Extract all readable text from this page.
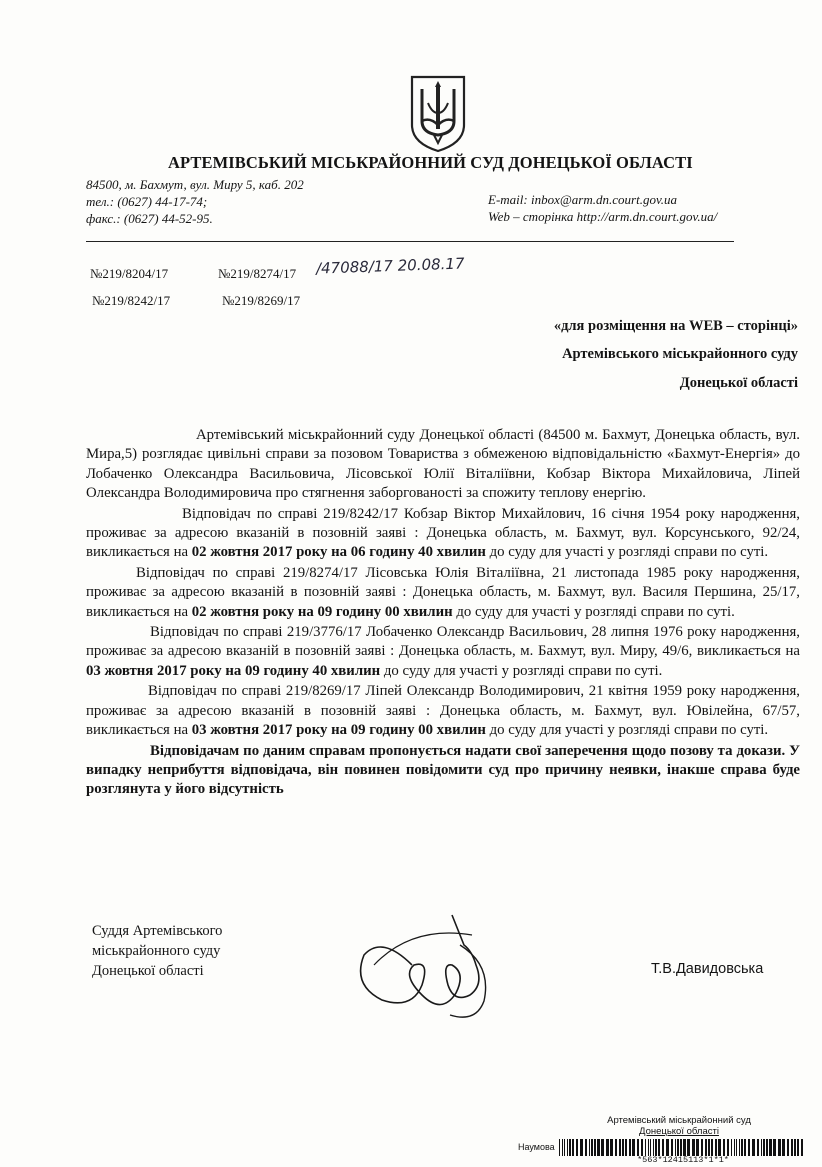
АРТЕМІВСЬКИЙ МІСЬКРАЙОННИЙ СУД ДОНЕЦЬКОЇ ОБЛАСТІ
84500, м. Бахмут, вул. Миру 5, каб. 202
тел.: (0627) 44-17-74;
факс.: (0627) 44-52-95.
E-mail: inbox@arm.dn.court.gov.ua
Web – сторінка http://arm.dn.court.gov.ua/
№219/8204/17	№219/8274/17 /47088/17 20.08.17
№219/8242/17	№219/8269/17
«для розміщення на WEB – сторінці»
Артемівського міськрайонного суду
Донецької області

Артемівський міськрайонний суду Донецької області (84500 м. Бахмут, Донецька область, вул. Мира,5) розглядає цивільні справи за позовом Товариства з обмеженою відповідальністю «Бахмут-Енергія» до Лобаченко Олександра Васильовича, Лісовської Юлії Віталіївни, Кобзар Віктора Михайловича, Ліпей Олександра Володимировича про стягнення заборгованості за спожиту теплову енергію.

Відповідач по справі 219/8242/17 Кобзар Віктор Михайлович, 16 січня 1954 року народження, проживає за адресою вказаній в позовній заяві : Донецька область, м. Бахмут, вул. Корсунського, 92/24, викликається на 02 жовтня 2017 року на 06 годину 40 хвилин до суду для участі у розгляді справи по суті.

Відповідач по справі 219/8274/17 Лісовська Юлія Віталіївна, 21 листопада 1985 року народження, проживає за адресою вказаній в позовній заяві : Донецька область, м. Бахмут, вул. Василя Першина, 25/17, викликається на 02 жовтня року на 09 годину 00 хвилин до суду для участі у розгляді справи по суті.

Відповідач по справі 219/3776/17 Лобаченко Олександр Васильович, 28 липня 1976 року народження, проживає за адресою вказаній в позовній заяві : Донецька область, м. Бахмут, вул. Миру, 49/6, викликається на 03 жовтня 2017 року на 09 годину 40 хвилин до суду для участі у розгляді справи по суті.

Відповідач по справі 219/8269/17 Ліпей Олександр Володимирович, 21 квітня 1959 року народження, проживає за адресою вказаній в позовній заяві : Донецька область, м. Бахмут, вул. Ювілейна, 67/57, викликається на 03 жовтня 2017 року на 09 годину 00 хвилин до суду для участі у розгляді справи по суті.

Відповідачам по даним справам пропонується надати свої заперечення щодо позову та докази. У випадку неприбуття відповідача, він повинен повідомити суд про причину неявки, інакше справа буде розглянута у його відсутність

Суддя Артемівського
міськрайонного суду
Донецької області	Т.В.Давидовська
Артемівський міськрайонний суд
Донецької області
Наумова
*563*12415113*1*1*
